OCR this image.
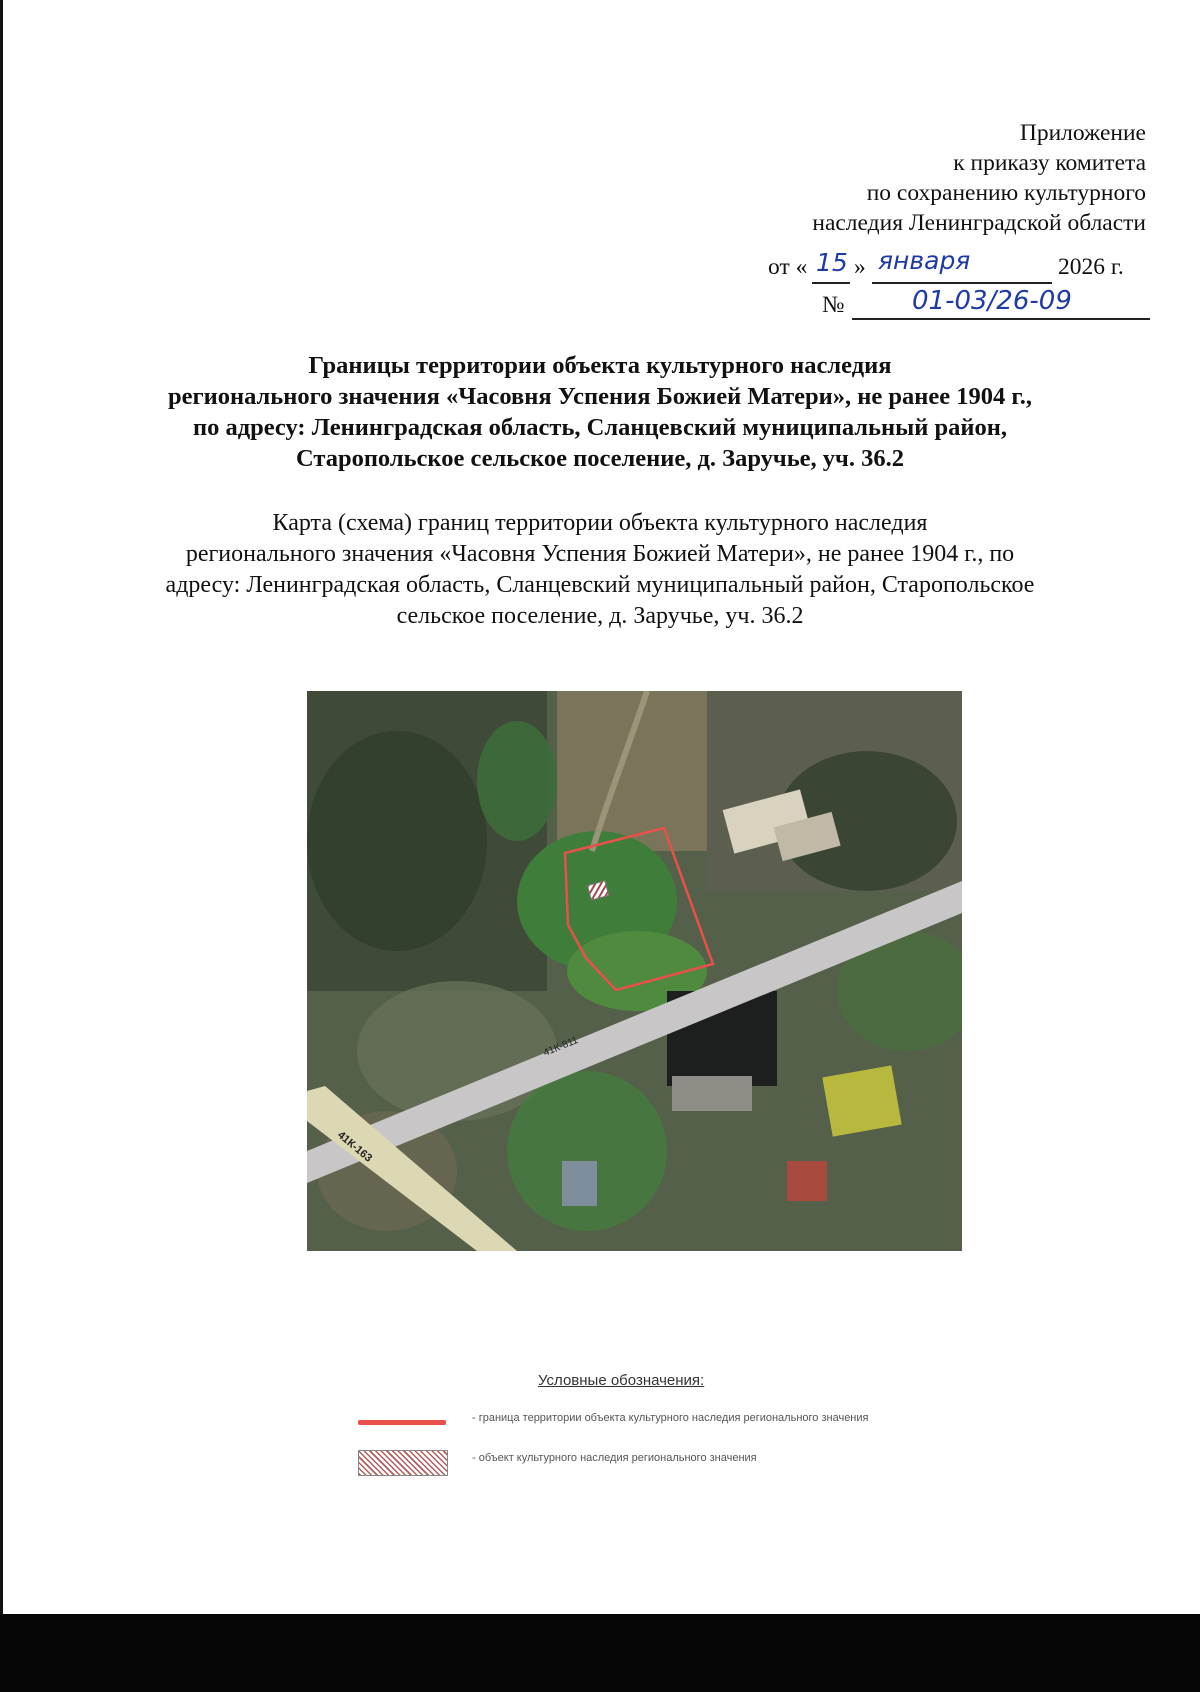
Приложение
к приказу комитета
по сохранению культурного
наследия Ленинградской области
от « 15 » января	2026 г.
№	01-03/26-09
Границы территории объекта культурного наследия
регионального значения «Часовня Успения Божией Матери», не ранее 1904 г.,
по адресу: Ленинградская область, Сланцевский муниципальный район,
Старопольское сельское поселение, д. Заручье, уч. 36.2
Карта (схема) границ территории объекта культурного наследия
регионального значения «Часовня Успения Божией Матери», не ранее 1904 г., по
адресу: Ленинградская область, Сланцевский муниципальный район, Старопольское
сельское поселение, д. Заручье, уч. 36.2
41К-811
41К-163
Условные обозначения:
- граница территории объекта культурного наследия регионального значения
- объект культурного наследия регионального значения
